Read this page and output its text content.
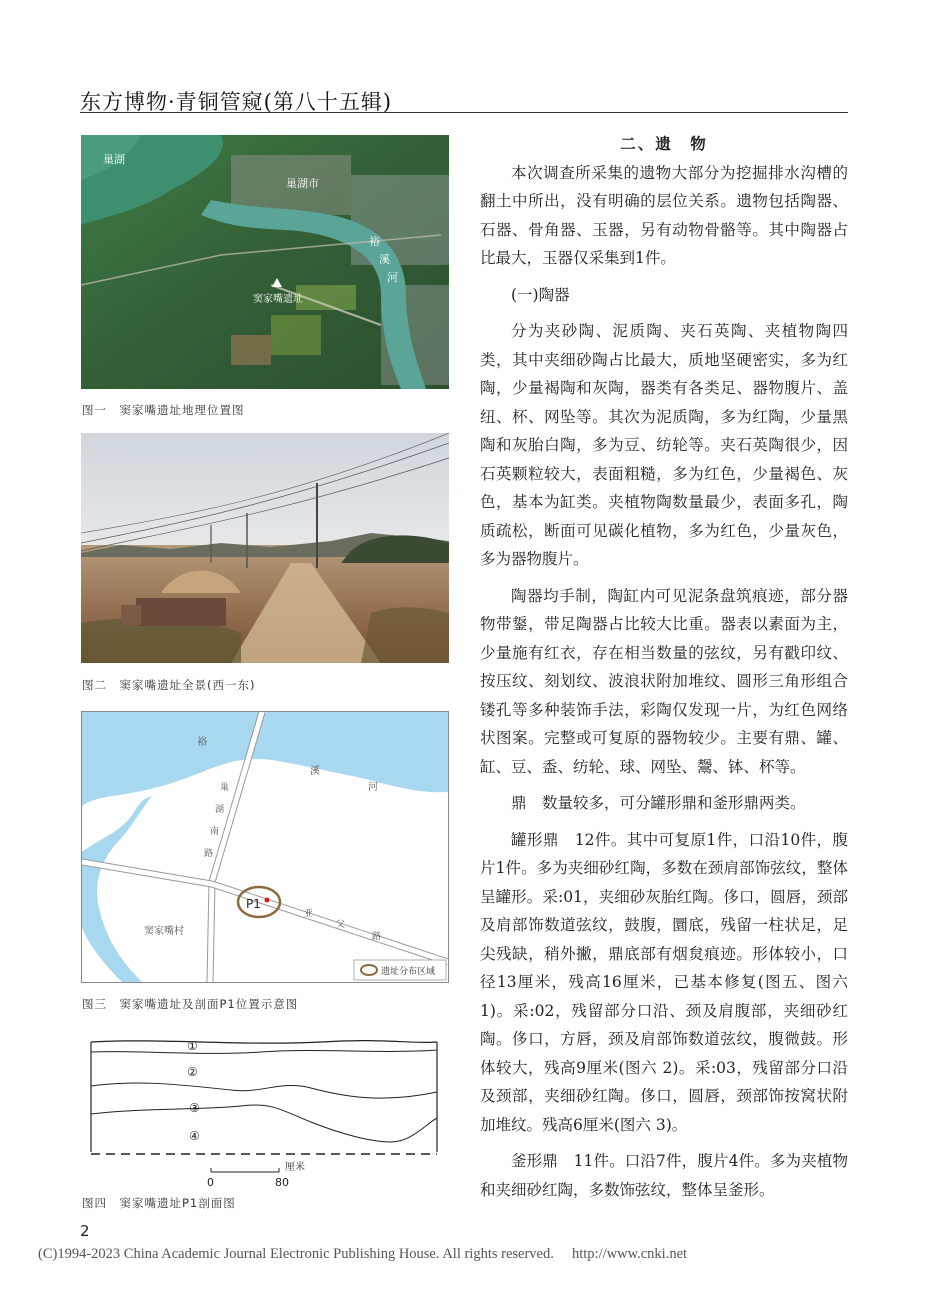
东方博物·青铜管窥(第八十五辑)
巢湖
巢湖市
裕
溪
河
窦家嘴遗址
图一　窦家嘴遗址地理位置图
图二　窦家嘴遗址全景(西一东)
裕
溪
河
巢
湖
南
路
亚
父
路
窦家嘴村
P1
遗址分布区域
图三　窦家嘴遗址及剖面P1位置示意图
①
②
③
④
厘米
0	80
图四　窦家嘴遗址P1剖面图

二、遗　物

本次调查所采集的遗物大部分为挖掘排水沟槽的翻土中所出，没有明确的层位关系。遗物包括陶器、石器、骨角器、玉器，另有动物骨骼等。其中陶器占比最大，玉器仅采集到1件。

(一)陶器

分为夹砂陶、泥质陶、夹石英陶、夹植物陶四类，其中夹细砂陶占比最大，质地坚硬密实，多为红陶，少量褐陶和灰陶，器类有各类足、器物腹片、盖纽、杯、网坠等。其次为泥质陶，多为红陶，少量黑陶和灰胎白陶，多为豆、纺轮等。夹石英陶很少，因石英颗粒较大，表面粗糙，多为红色，少量褐色、灰色，基本为缸类。夹植物陶数量最少，表面多孔，陶质疏松，断面可见碳化植物，多为红色，少量灰色，多为器物腹片。

陶器均手制，陶缸内可见泥条盘筑痕迹，部分器物带鋬，带足陶器占比较大比重。器表以素面为主，少量施有红衣，存在相当数量的弦纹，另有戳印纹、按压纹、刻划纹、波浪状附加堆纹、圆形三角形组合镂孔等多种装饰手法，彩陶仅发现一片，为红色网络状图案。完整或可复原的器物较少。主要有鼎、罐、缸、豆、盉、纺轮、球、网坠、鬶、钵、杯等。

鼎　数量较多，可分罐形鼎和釜形鼎两类。

罐形鼎　12件。其中可复原1件，口沿10件，腹片1件。多为夹细砂红陶，多数在颈肩部饰弦纹，整体呈罐形。采:01，夹细砂灰胎红陶。侈口，圆唇，颈部及肩部饰数道弦纹，鼓腹，圜底，残留一柱状足，足尖残缺，稍外撇，鼎底部有烟炱痕迹。形体较小，口径13厘米，残高16厘米，已基本修复(图五、图六 1)。采:02，残留部分口沿、颈及肩腹部，夹细砂红陶。侈口，方唇，颈及肩部饰数道弦纹，腹微鼓。形体较大，残高9厘米(图六 2)。采:03，残留部分口沿及颈部，夹细砂红陶。侈口，圆唇，颈部饰按窝状附加堆纹。残高6厘米(图六 3)。

釜形鼎　11件。口沿7件，腹片4件。多为夹植物和夹细砂红陶，多数饰弦纹，整体呈釜形。

2
(C)1994-2023 China Academic Journal Electronic Publishing House. All rights reserved.　 http://www.cnki.net
